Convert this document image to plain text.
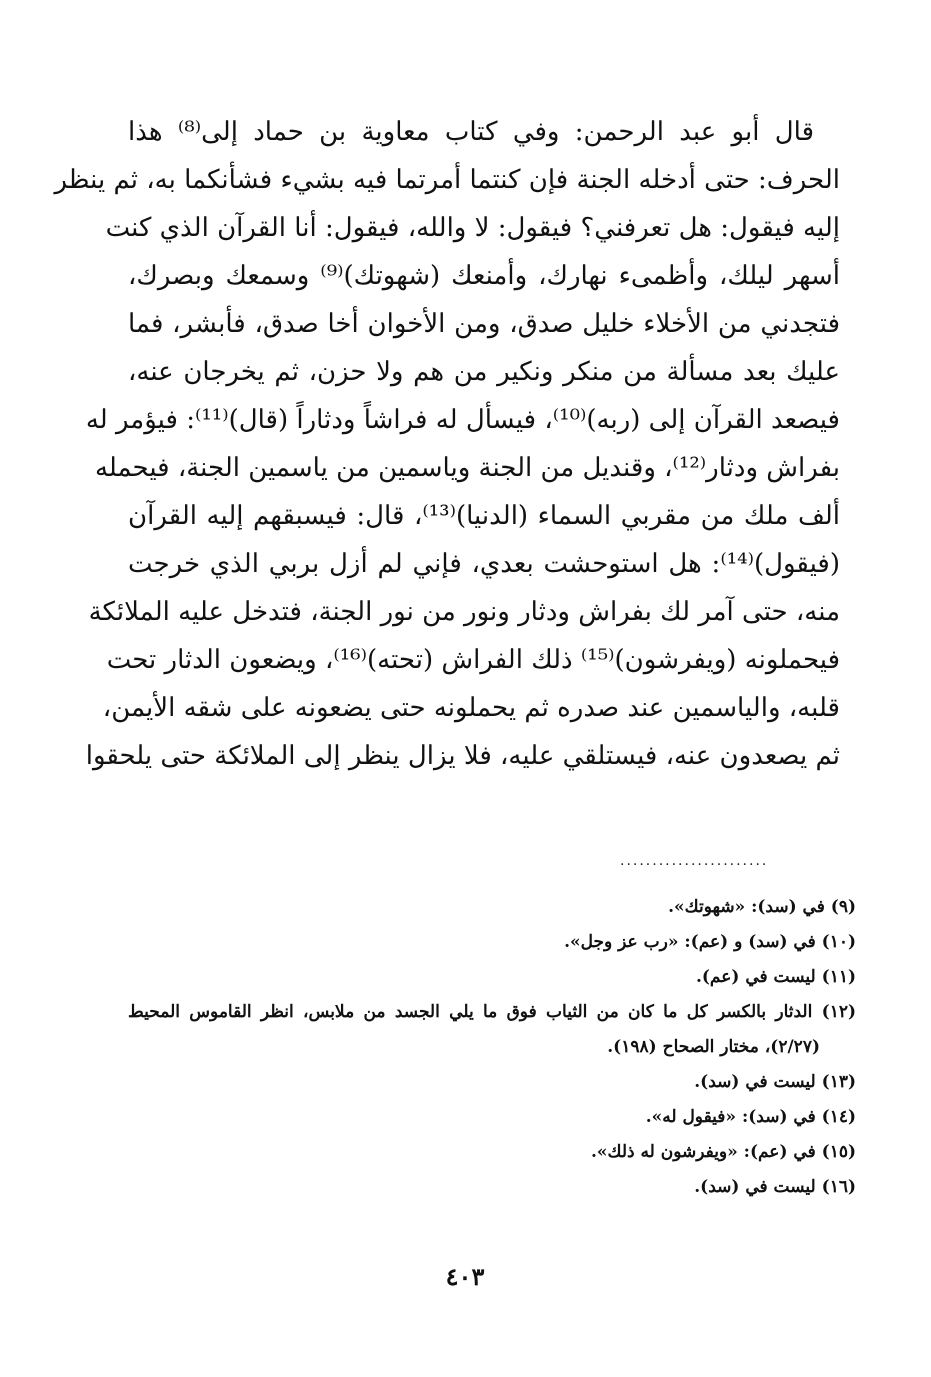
قال أبو عبد الرحمن: وفي كتاب معاوية بن حماد إلى⁽⁸⁾ هذا
الحرف: حتى أدخله الجنة فإن كنتما أمرتما فيه بشيء فشأنكما به، ثم ينظر
إليه فيقول: هل تعرفني؟ فيقول: لا والله، فيقول: أنا القرآن الذي كنت
أسهر ليلك، وأظمىء نهارك، وأمنعك (شهوتك)⁽⁹⁾ وسمعك وبصرك،
فتجدني من الأخلاء خليل صدق، ومن الأخوان أخا صدق، فأبشر، فما
عليك بعد مسألة من منكر ونكير من هم ولا حزن، ثم يخرجان عنه،
فيصعد القرآن إلى (ربه)⁽¹⁰⁾، فيسأل له فراشاً ودثاراً (قال)⁽¹¹⁾: فيؤمر له
بفراش ودثار⁽¹²⁾، وقنديل من الجنة وياسمين من ياسمين الجنة، فيحمله
ألف ملك من مقربي السماء (الدنيا)⁽¹³⁾، قال: فيسبقهم إليه القرآن
(فيقول)⁽¹⁴⁾: هل استوحشت بعدي، فإني لم أزل بربي الذي خرجت
منه، حتى آمر لك بفراش ودثار ونور من نور الجنة، فتدخل عليه الملائكة
فيحملونه (ويفرشون)⁽¹⁵⁾ ذلك الفراش (تحته)⁽¹⁶⁾، ويضعون الدثار تحت
قلبه، والياسمين عند صدره ثم يحملونه حتى يضعونه على شقه الأيمن،
ثم يصعدون عنه، فيستلقي عليه، فلا يزال ينظر إلى الملائكة حتى يلحقوا
.......................
(٩) في (سد): «شهوتك».
(١٠) في (سد) و (عم): «رب عز وجل».
(١١) ليست في (عم).
(١٢) الدثار بالكسر كل ما كان من الثياب فوق ما يلي الجسد من ملابس، انظر القاموس المحيط
(٢/٢٧)، مختار الصحاح (١٩٨).
(١٣) ليست في (سد).
(١٤) في (سد): «فيقول له».
(١٥) في (عم): «ويفرشون له ذلك».
(١٦) ليست في (سد).
٤٠٣
